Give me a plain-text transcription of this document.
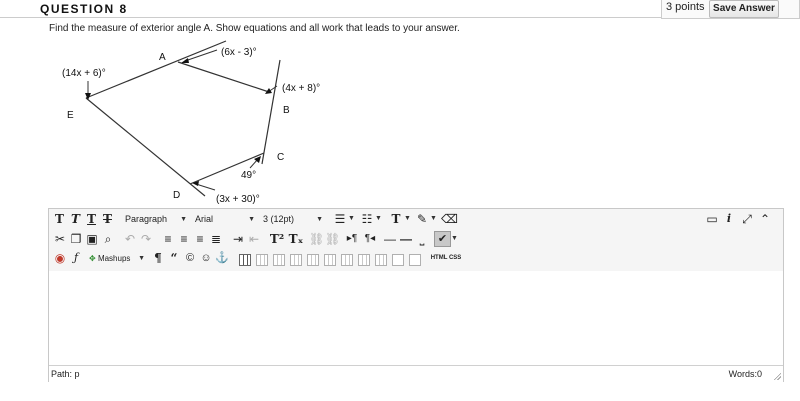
QUESTION 8	3 points Save Answer
Find the measure of exterior angle A. Show equations and all work that leads to your answer.
A
B
C
D
E
(6x - 3)°
(4x + 8)°
49°
(3x + 30)°
(14x + 6)°
T T T T Paragraph ▼ Arial	▼ 3 (12pt)	▼ ☰ ▼ ☷ ▼ T ▼ ✎ ▼ ⌫	▭ i ⤢ ⌃
✂ ❐ ▣ ⌕	↶ ↷ ≡ ≡ ≡ ≣ ⇥ ⇤ T² Tₓ ⛓ ⛓ ▸¶ ¶◂ — — ⎵	✔ ▼
◉ ƒ	✥ Mashups ▼ ¶ “ © ☺ ⚓	HTML CSS
Path: p	Words:0
